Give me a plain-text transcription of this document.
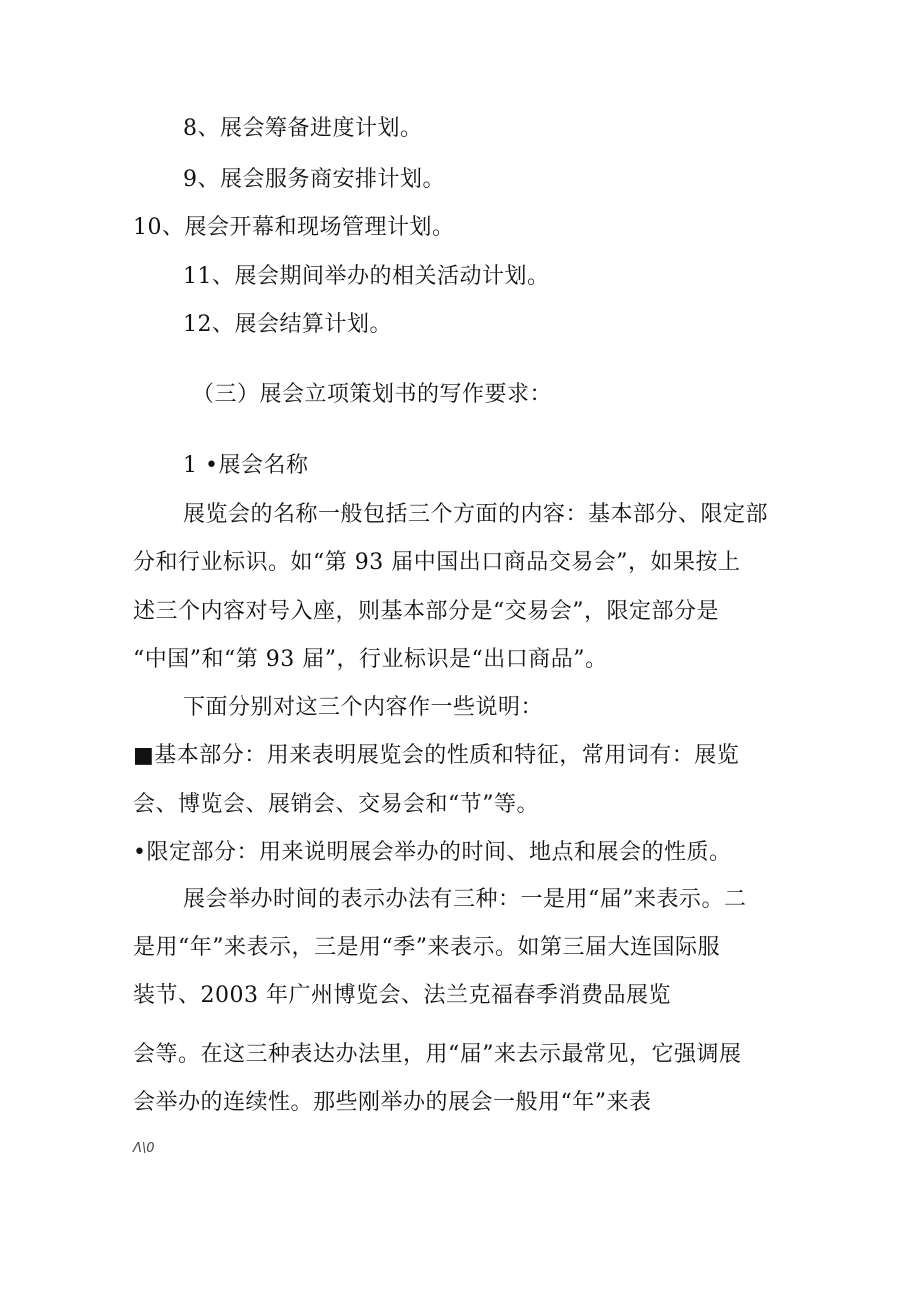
8、展会筹备进度计划。
9、展会服务商安排计划。
10、展会开幕和现场管理计划。
11、展会期间举办的相关活动计划。
12、展会结算计划。
（三）展会立项策划书的写作要求：
1 •展会名称
展览会的名称一般包括三个方面的内容：基本部分、限定部
分和行业标识。如“第 93 届中国出口商品交易会”，如果按上
述三个内容对号入座，则基本部分是“交易会”，限定部分是
“中国”和“第 93 届”，行业标识是“出口商品”。
下面分别对这三个内容作一些说明：
■基本部分：用来表明展览会的性质和特征，常用词有：展览
会、博览会、展销会、交易会和“节”等。
•限定部分：用来说明展会举办的时间、地点和展会的性质。
展会举办时间的表示办法有三种：一是用“届”来表示。二
是用“年”来表示，三是用“季”来表示。如第三届大连国际服
装节、2003 年广州博览会、法兰克福春季消费品展览
会等。在这三种表达办法里，用“届”来去示最常见，它强调展
会举办的连续性。那些刚举办的展会一般用“年”来表
Λ\0
